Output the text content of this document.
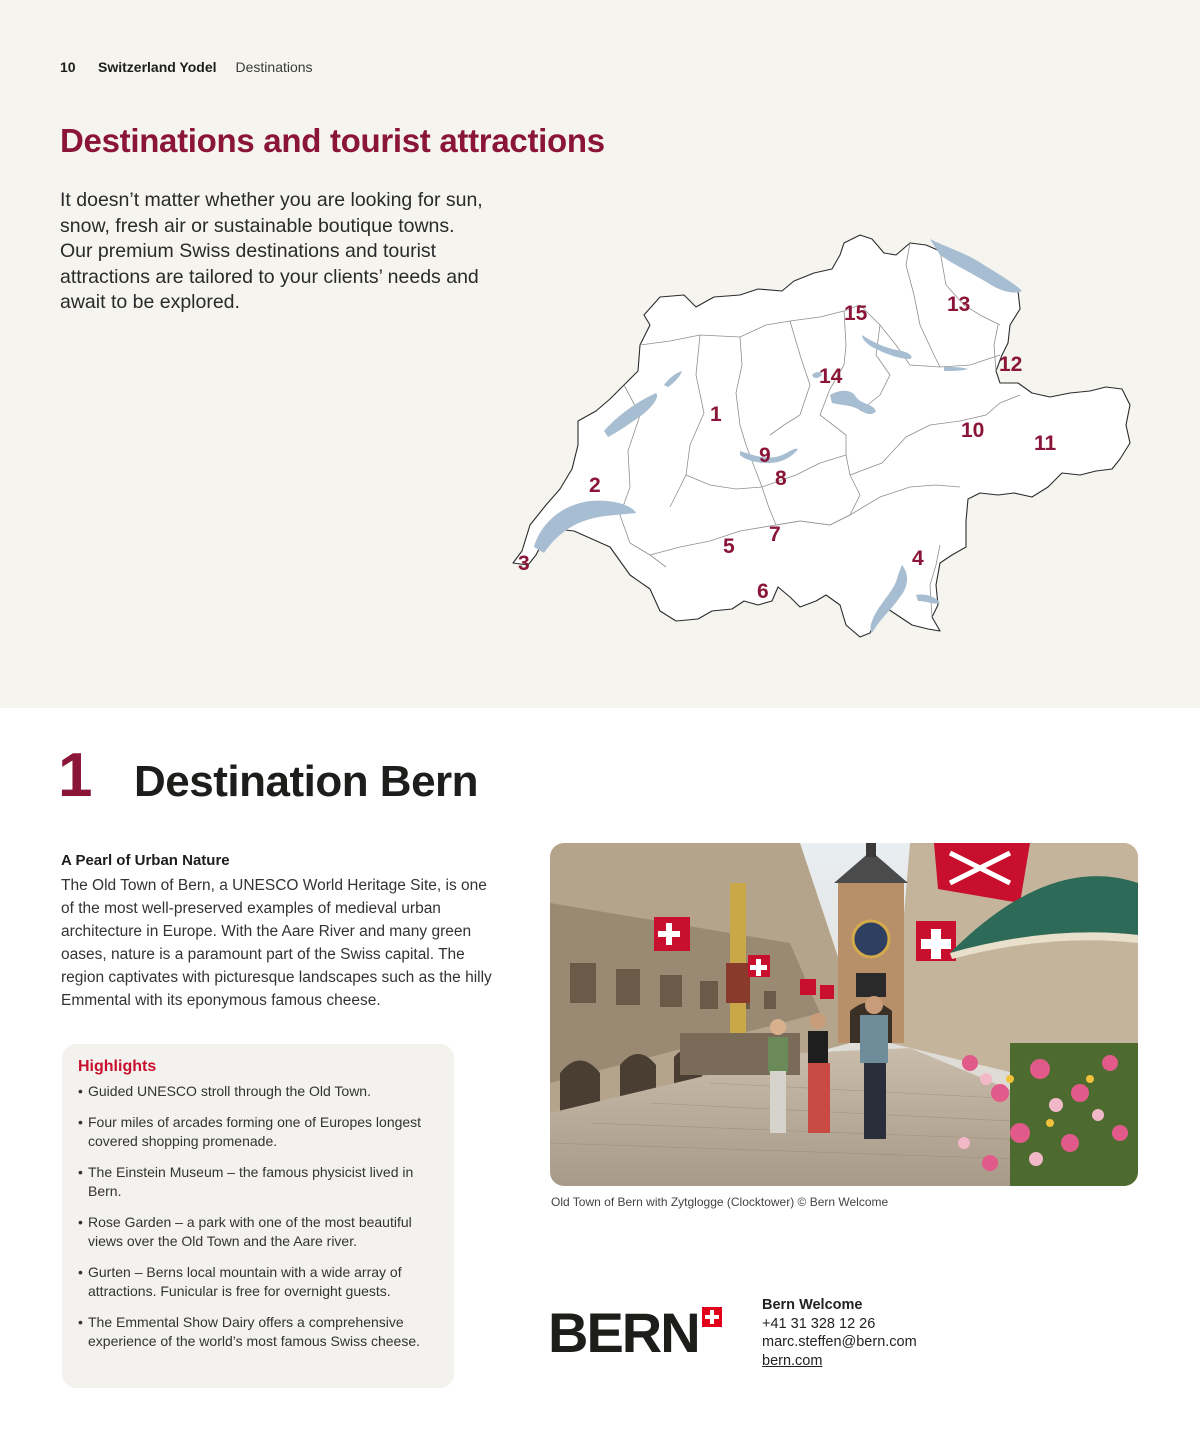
10	Switzerland Yodel Destinations
Destinations and tourist attractions

It doesn’t matter whether you are looking for sun, snow, fresh air or sustainable boutique towns. Our premium Swiss destinations and tourist attractions are tailored to your clients’ needs and await to be explored.

1
2
3	4
5
6
7
8
9
10
11
12
13
14
15
1 Destination Bern
A Pearl of Urban Nature

The Old Town of Bern, a UNESCO World Heritage Site, is one of the most well-preserved examples of medieval urban architecture in Europe. With the Aare River and many green oases, nature is a paramount part of the Swiss capital. The region captivates with picturesque landscapes such as the hilly Emmental with its eponymous famous cheese.

Highlights
• Guided UNESCO stroll through the Old Town.
• Four miles of arcades forming one of Europes longest covered shopping promenade.
• The Einstein Museum – the famous physicist lived in Bern.
• Rose Garden – a park with one of the most beautiful views over the Old Town and the Aare river.
• Gurten – Berns local mountain with a wide array of attractions. Funicular is free for overnight guests.
• The Emmental Show Dairy offers a comprehensive experience of the world’s most famous Swiss cheese.
Old Town of Bern with Zytglogge (Clocktower) © Bern Welcome
BERN	Bern Welcome
+41 31 328 12 26
marc.steffen@bern.com
bern.com
